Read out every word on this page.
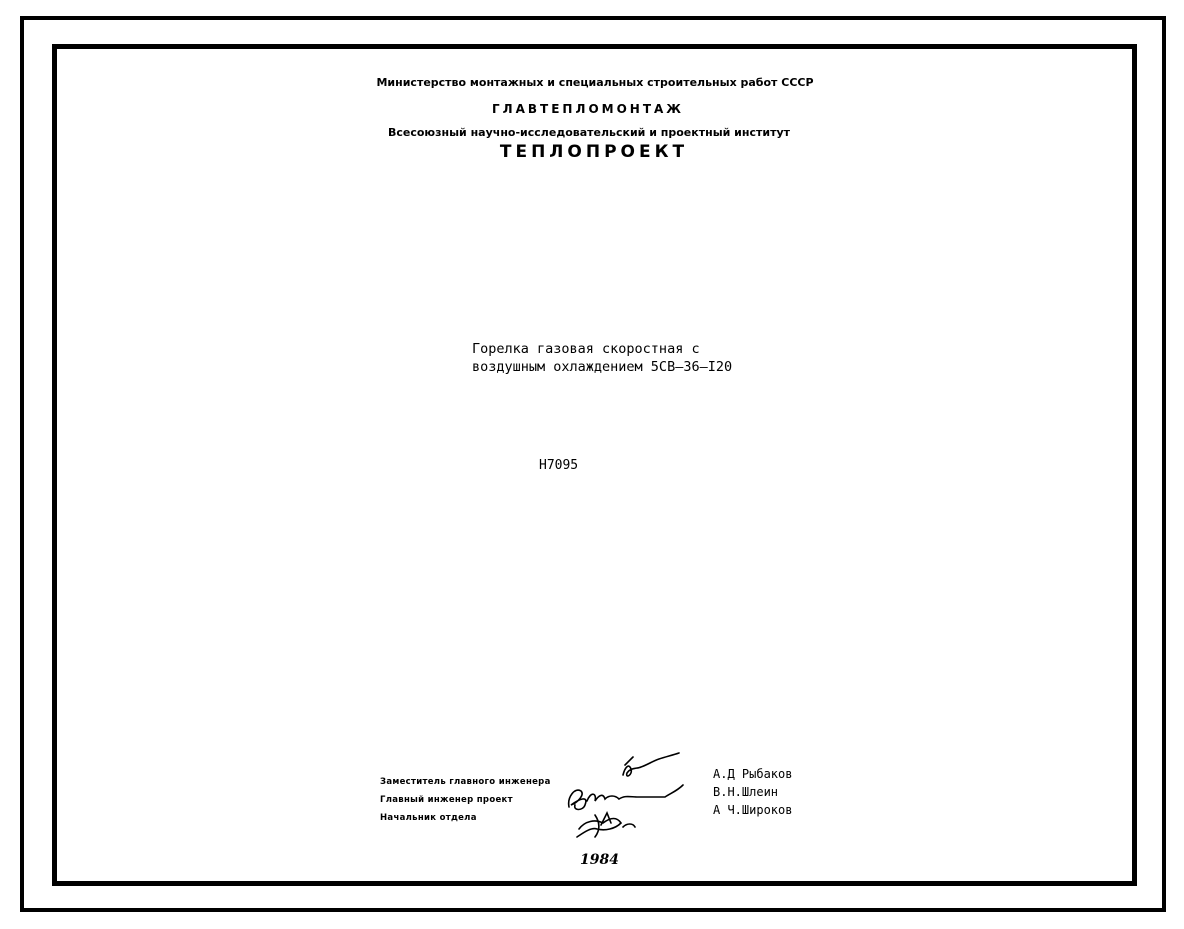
Министерство монтажных и специальных строительных работ СССР
ГЛАВТЕПЛОМОНТАЖ
Всесоюзный научно-исследовательский и проектный институт
ТЕПЛОПРОЕКТ
Горелка газовая скоростная с
воздушным охлаждением 5СВ–36–I20
Н7095
Заместитель главного инженера
Главный инженер проект
Начальник отдела
А.Д Рыбаков
В.Н.Шлеин
А Ч.Широков
1984
